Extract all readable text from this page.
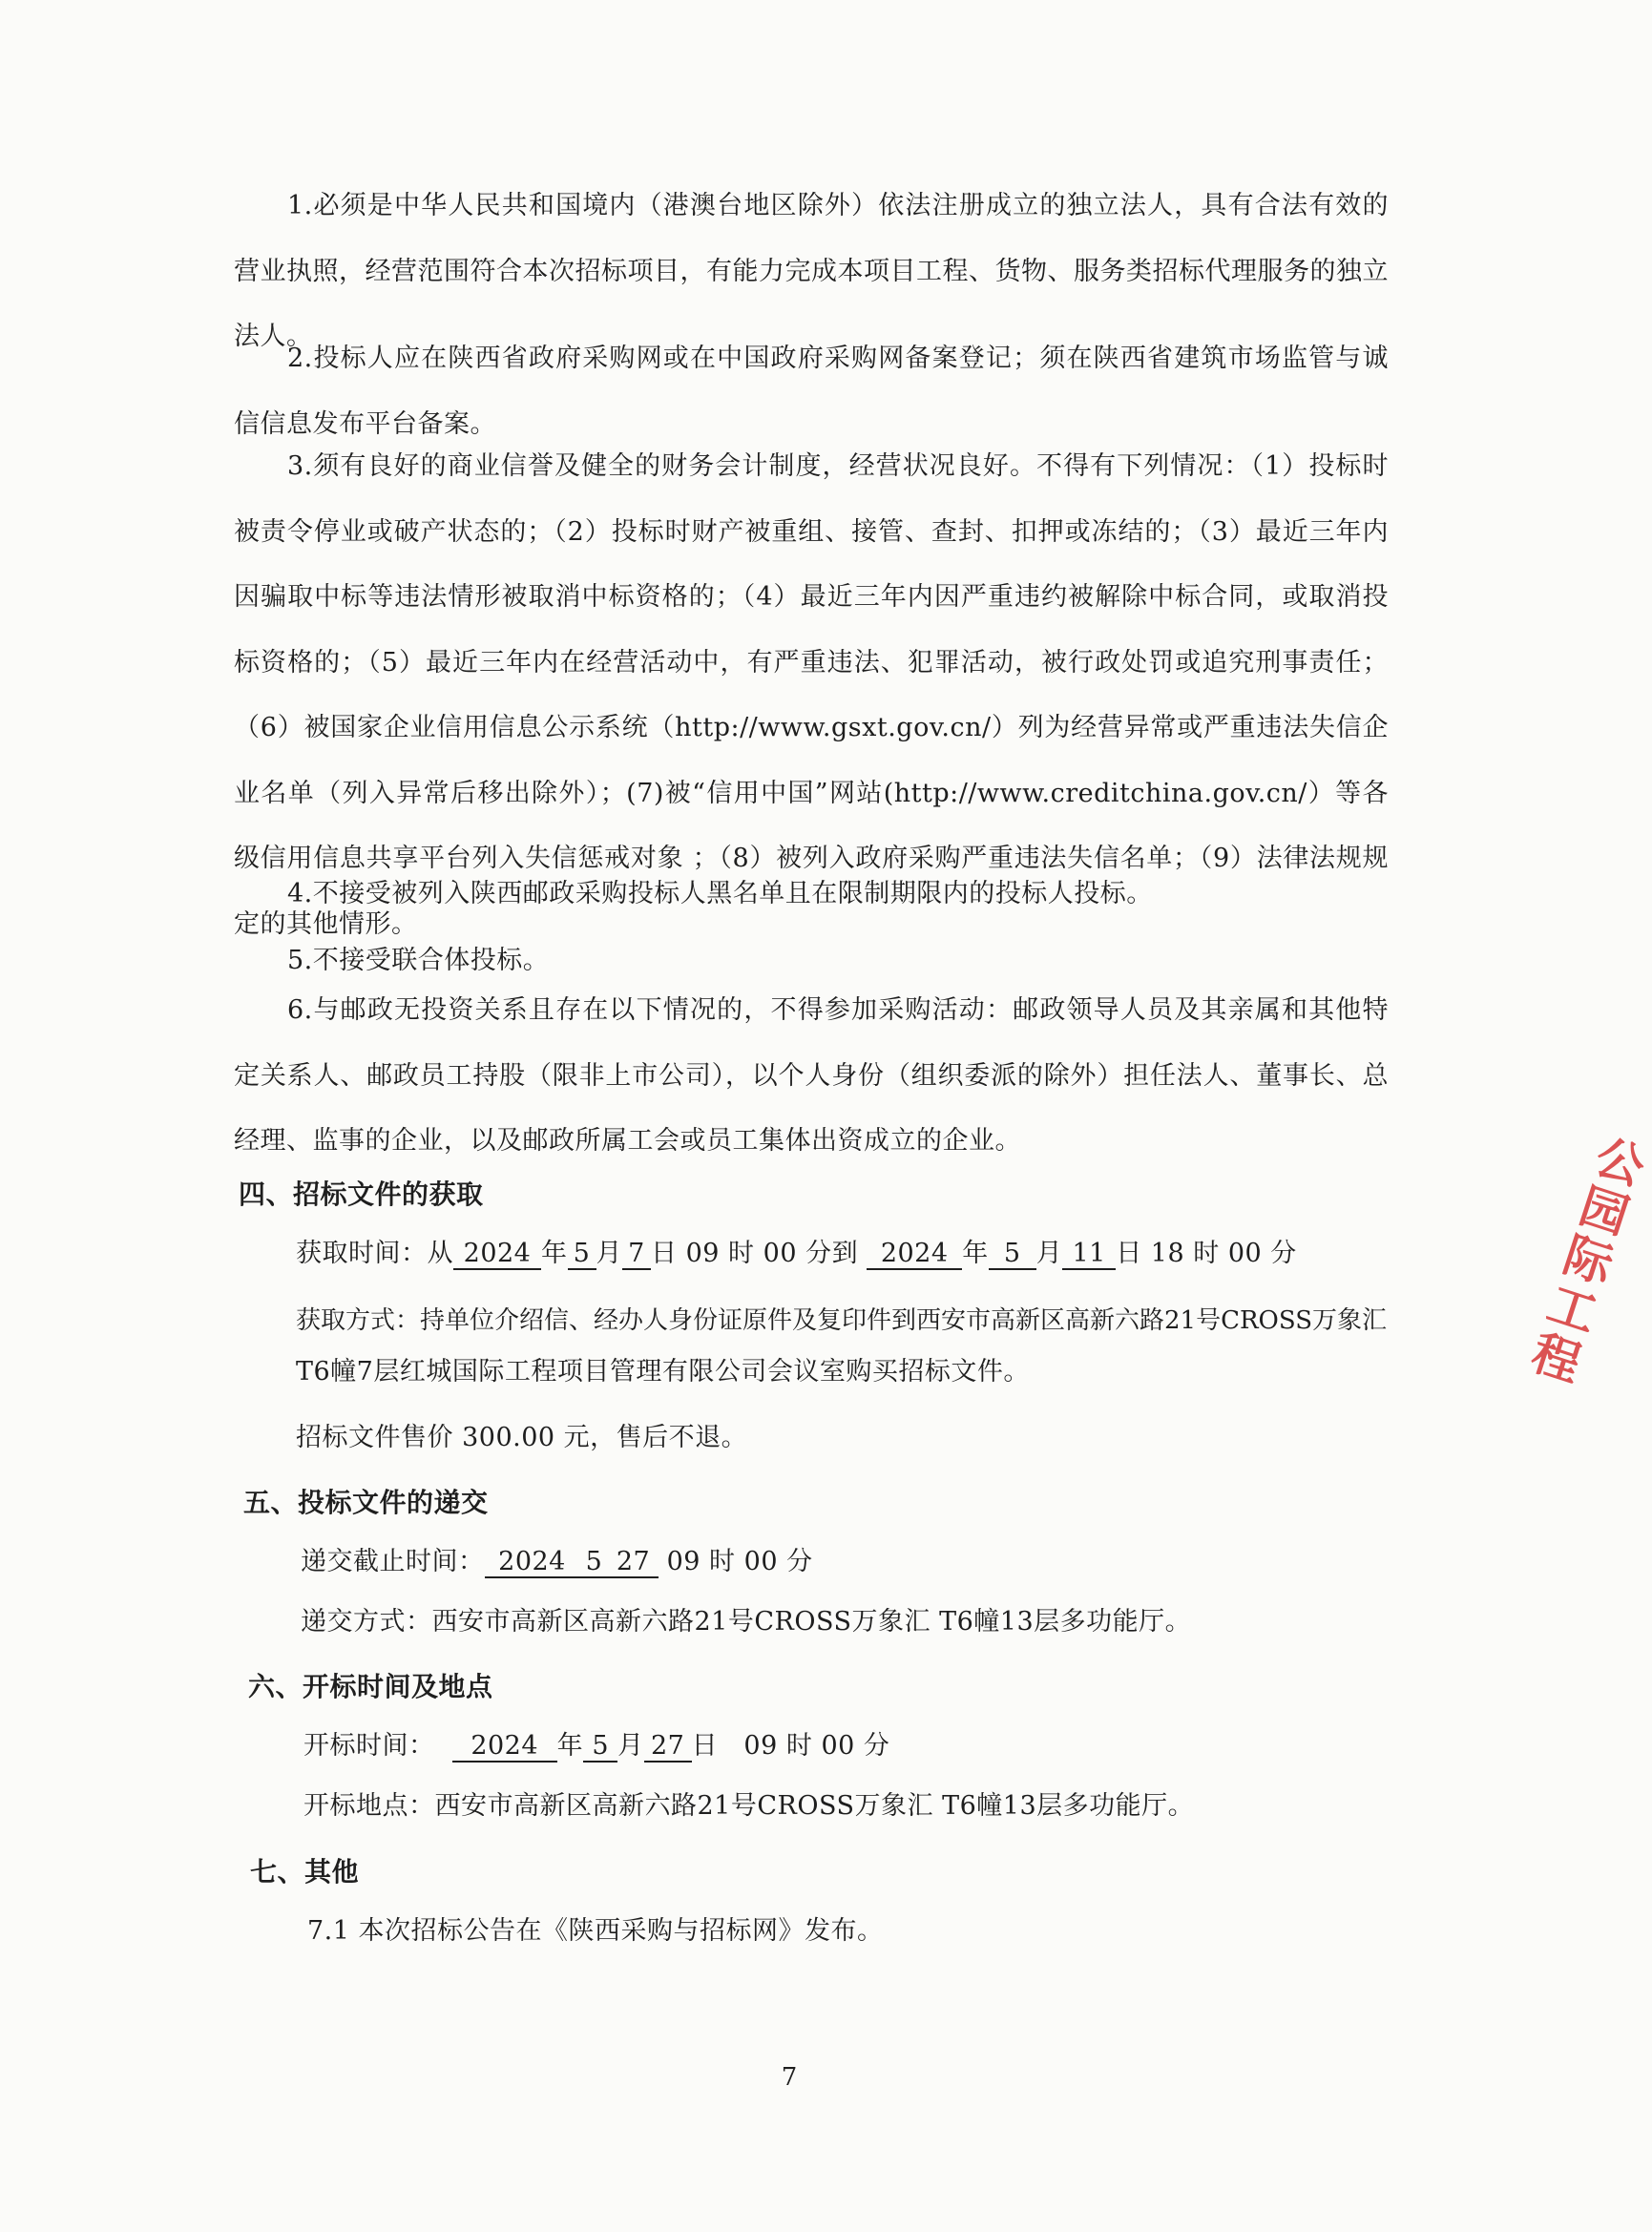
1.必须是中华人民共和国境内（港澳台地区除外）依法注册成立的独立法人，具有合法有效的营业执照，经营范围符合本次招标项目，有能力完成本项目工程、货物、服务类招标代理服务的独立法人。

2.投标人应在陕西省政府采购网或在中国政府采购网备案登记；须在陕西省建筑市场监管与诚信信息发布平台备案。

3.须有良好的商业信誉及健全的财务会计制度，经营状况良好。不得有下列情况：（1）投标时被责令停业或破产状态的；（2）投标时财产被重组、接管、查封、扣押或冻结的；（3）最近三年内因骗取中标等违法情形被取消中标资格的；（4）最近三年内因严重违约被解除中标合同，或取消投标资格的；（5）最近三年内在经营活动中，有严重违法、犯罪活动，被行政处罚或追究刑事责任；（6）被国家企业信用信息公示系统（http://www.gsxt.gov.cn/）列为经营异常或严重违法失信企业名单（列入异常后移出除外）；(7)被“信用中国”网站(http://www.creditchina.gov.cn/）等各级信用信息共享平台列入失信惩戒对象 ；（8）被列入政府采购严重违法失信名单；（9）法律法规规定的其他情形。

4.不接受被列入陕西邮政采购投标人黑名单且在限制期限内的投标人投标。

5.不接受联合体投标。

6.与邮政无投资关系且存在以下情况的，不得参加采购活动：邮政领导人员及其亲属和其他特定关系人、邮政员工持股（限非上市公司），以个人身份（组织委派的除外）担任法人、董事长、总经理、监事的企业，以及邮政所属工会或员工集体出资成立的企业。

四、招标文件的获取
获取时间：从 2024 年 5 月 7 日 09 时 00 分到 2024 年 5 月 11 日 18 时 00 分
获取方式：持单位介绍信、经办人身份证原件及复印件到西安市高新区高新六路21号CROSS万象汇
T6幢7层红城国际工程项目管理有限公司会议室购买招标文件。
招标文件售价 300.00 元，售后不退。
五、投标文件的递交
递交截止时间： 2024 5 27 09 时 00 分
递交方式：西安市高新区高新六路21号CROSS万象汇 T6幢13层多功能厅。
六、开标时间及地点
开标时间： 2024 年 5 月 27 日 09 时 00 分
开标地点：西安市高新区高新六路21号CROSS万象汇 T6幢13层多功能厅。
七、其他
7.1 本次招标公告在《陕西采购与招标网》发布。
公园际工程
7
